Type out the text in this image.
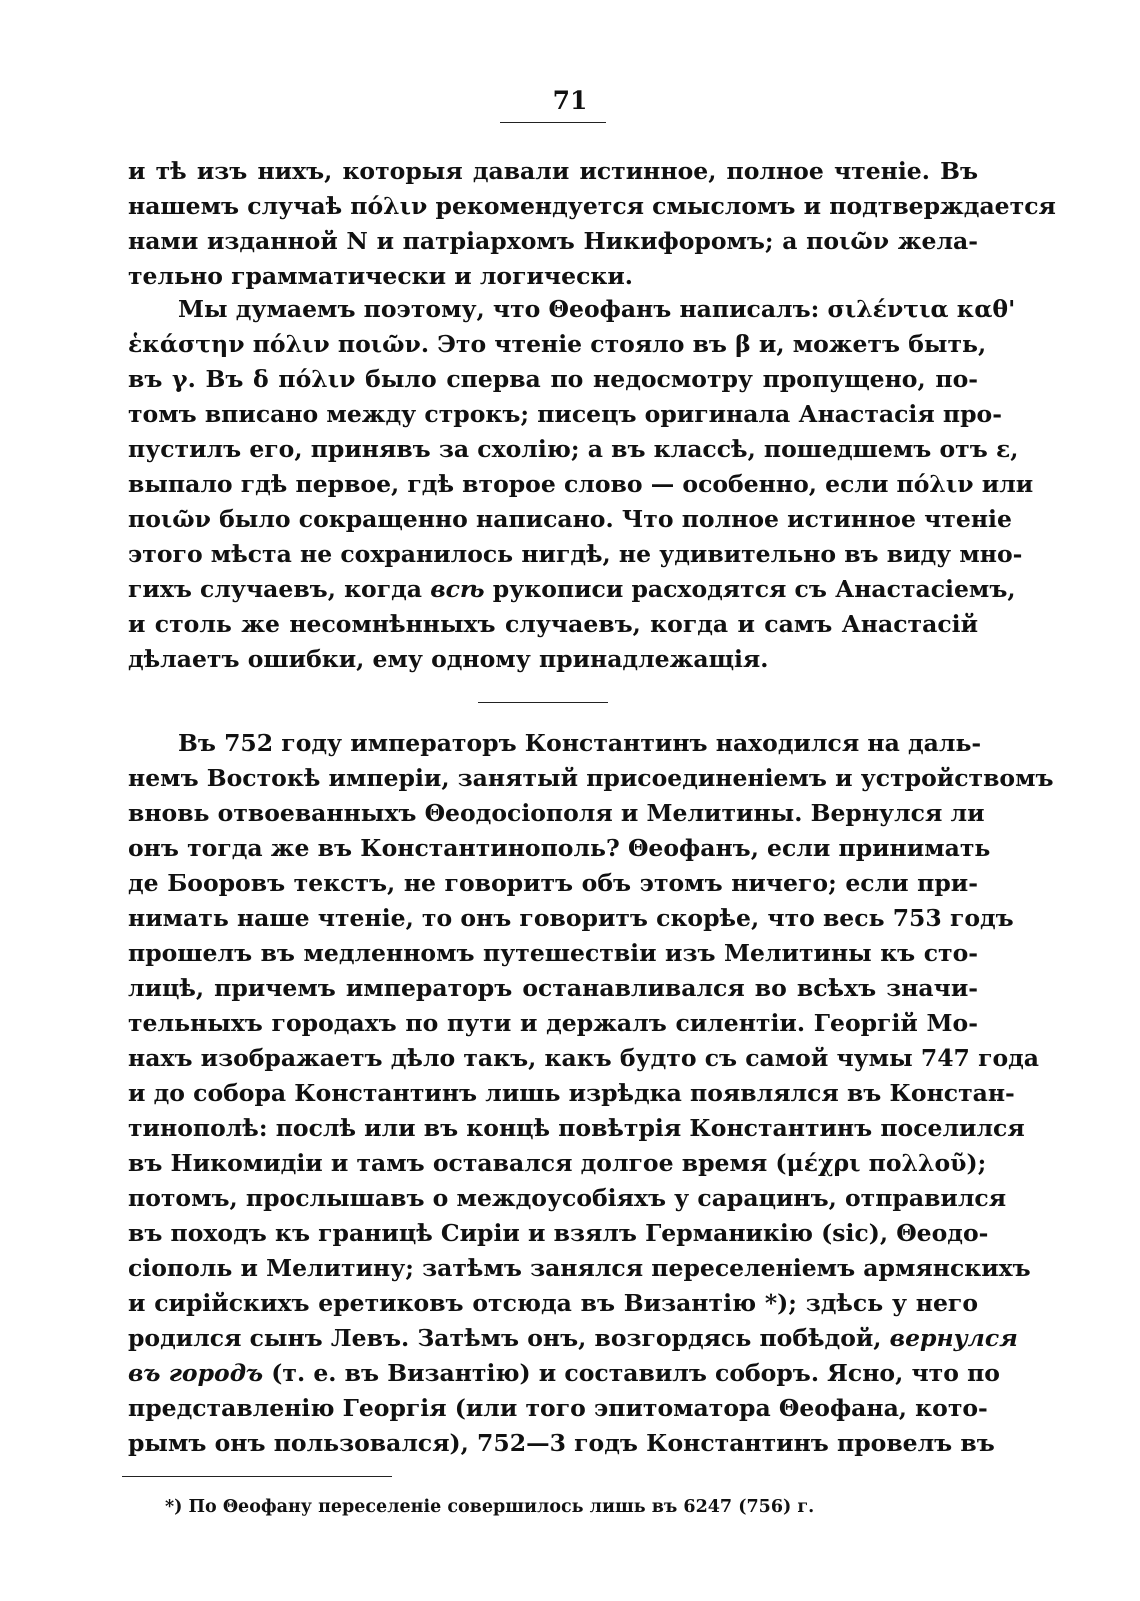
71
и тѣ изъ нихъ, которыя давали истинное, полное чтеніе. Въ
нашемъ случаѣ πόλιν рекомендуется смысломъ и подтверждается
нами изданной N и патріархомъ Никифоромъ; а ποιῶν жела-
тельно грамматически и логически.
Мы думаемъ поэтому, что Θеофанъ написалъ: σιλέντια καθ'
ἑκάστην πόλιν ποιῶν. Это чтеніе стояло въ β и, можетъ быть,
въ γ. Въ δ πόλιν было сперва по недосмотру пропущено, по-
томъ вписано между строкъ; писецъ оригинала Анастасія про-
пустилъ его, принявъ за схолію; а въ классѣ, пошедшемъ отъ ε,
выпало гдѣ первое, гдѣ второе слово — особенно, если πόλιν или
ποιῶν было сокращенно написано. Что полное истинное чтеніе
этого мѣста не сохранилось нигдѣ, не удивительно въ виду мно-
гихъ случаевъ, когда всѣ рукописи расходятся съ Анастасіемъ,
и столь же несомнѣнныхъ случаевъ, когда и самъ Анастасій
дѣлаетъ ошибки, ему одному принадлежащія.
Въ 752 году императоръ Константинъ находился на даль-
немъ Востокѣ имперіи, занятый присоединеніемъ и устройствомъ
вновь отвоеванныхъ Θеодосіополя и Мелитины. Вернулся ли
онъ тогда же въ Константинополь? Θеофанъ, если принимать
де Бооровъ текстъ, не говоритъ объ этомъ ничего; если при-
нимать наше чтеніе, то онъ говоритъ скорѣе, что весь 753 годъ
прошелъ въ медленномъ путешествіи изъ Мелитины къ сто-
лицѣ, причемъ императоръ останавливался во всѣхъ значи-
тельныхъ городахъ по пути и держалъ силентіи. Георгій Мо-
нахъ изображаетъ дѣло такъ, какъ будто съ самой чумы 747 года
и до собора Константинъ лишь изрѣдка появлялся въ Констан-
тинополѣ: послѣ или въ концѣ повѣтрія Константинъ поселился
въ Никомидіи и тамъ оставался долгое время (μέχρι πολλοῦ);
потомъ, прослышавъ о междоусобіяхъ у сарацинъ, отправился
въ походъ къ границѣ Сиріи и взялъ Германикію (sic), Θеодо-
сіополь и Мелитину; затѣмъ занялся переселеніемъ армянскихъ
и сирійскихъ еретиковъ отсюда въ Византію *); здѣсь у него
родился сынъ Левъ. Затѣмъ онъ, возгордясь побѣдой, вернулся
въ городъ (т. е. въ Византію) и составилъ соборъ. Ясно, что по
представленію Георгія (или того эпитоматора Θеофана, кото-
рымъ онъ пользовался), 752—3 годъ Константинъ провелъ въ
*) По Θеофану переселеніе совершилось лишь въ 6247 (756) г.
